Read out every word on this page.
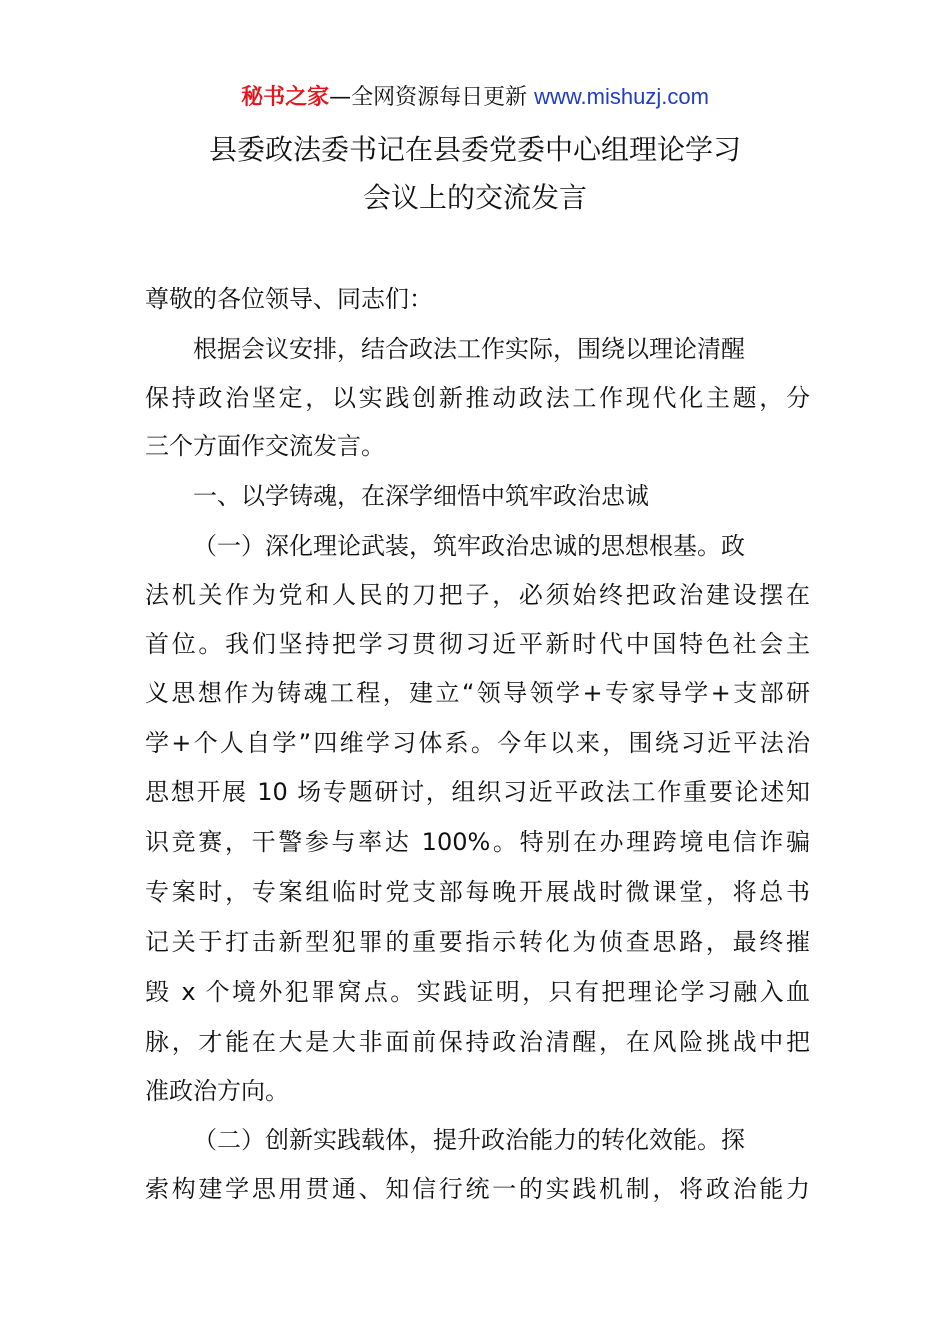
秘书之家—全网资源每日更新 www.mishuzj.com
县委政法委书记在县委党委中心组理论学习
会议上的交流发言
尊敬的各位领导、同志们：
根据会议安排，结合政法工作实际，围绕以理论清醒
保持政治坚定，以实践创新推动政法工作现代化主题，分
三个方面作交流发言。
一、以学铸魂，在深学细悟中筑牢政治忠诚
（一）深化理论武装，筑牢政治忠诚的思想根基。政
法机关作为党和人民的刀把子，必须始终把政治建设摆在
首位。我们坚持把学习贯彻习近平新时代中国特色社会主
义思想作为铸魂工程，建立“领导领学+专家导学+支部研
学+个人自学”四维学习体系。今年以来，围绕习近平法治
思想开展 10 场专题研讨，组织习近平政法工作重要论述知
识竞赛，干警参与率达 100%。特别在办理跨境电信诈骗
专案时，专案组临时党支部每晚开展战时微课堂，将总书
记关于打击新型犯罪的重要指示转化为侦查思路，最终摧
毁 x 个境外犯罪窝点。实践证明，只有把理论学习融入血
脉，才能在大是大非面前保持政治清醒，在风险挑战中把
准政治方向。
（二）创新实践载体，提升政治能力的转化效能。探
索构建学思用贯通、知信行统一的实践机制，将政治能力
